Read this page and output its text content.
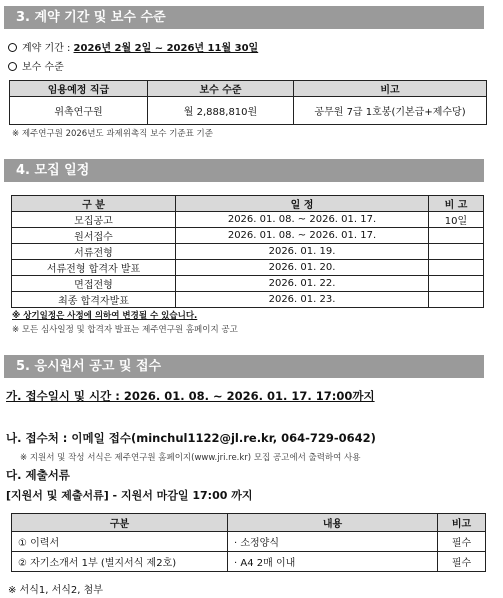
3. 계약 기간 및 보수 수준
계약 기간 : 2026년 2월 2일 ~ 2026년 11월 30일
보수 수준
임용예정 직급	보수 수준	비고
위촉연구원	월 2,888,810원	공무원 7급 1호봉(기본급+제수당)
※ 제주연구원 2026년도 과제위촉직 보수 기준표 기준
4. 모집 일정
구 분	일 정	비 고
모집공고	2026. 01. 08. ~ 2026. 01. 17.	10일
원서접수	2026. 01. 08. ~ 2026. 01. 17.	
서류전형	2026. 01. 19.	
서류전형 합격자 발표	2026. 01. 20.	
면접전형	2026. 01. 22.	
최종 합격자발표	2026. 01. 23.	
※ 상기일정은 사정에 의하여 변경될 수 있습니다.
※ 모든 심사일정 및 합격자 발표는 제주연구원 홈페이지 공고
5. 응시원서 공고 및 접수
가. 접수일시 및 시간 : 2026. 01. 08. ~ 2026. 01. 17. 17:00까지
나. 접수처 : 이메일 접수(minchul1122@jl.re.kr, 064-729-0642)
※ 지원서 및 작성 서식은 제주연구원 홈페이지(www.jri.re.kr) 모집 공고에서 출력하여 사용
다. 제출서류
[지원서 및 제출서류] - 지원서 마감일 17:00 까지
구분	내용	비고
① 이력서	· 소정양식	필수
② 자기소개서 1부 (별지서식 제2호)	· A4 2매 이내	필수
※ 서식1, 서식2, 첨부
